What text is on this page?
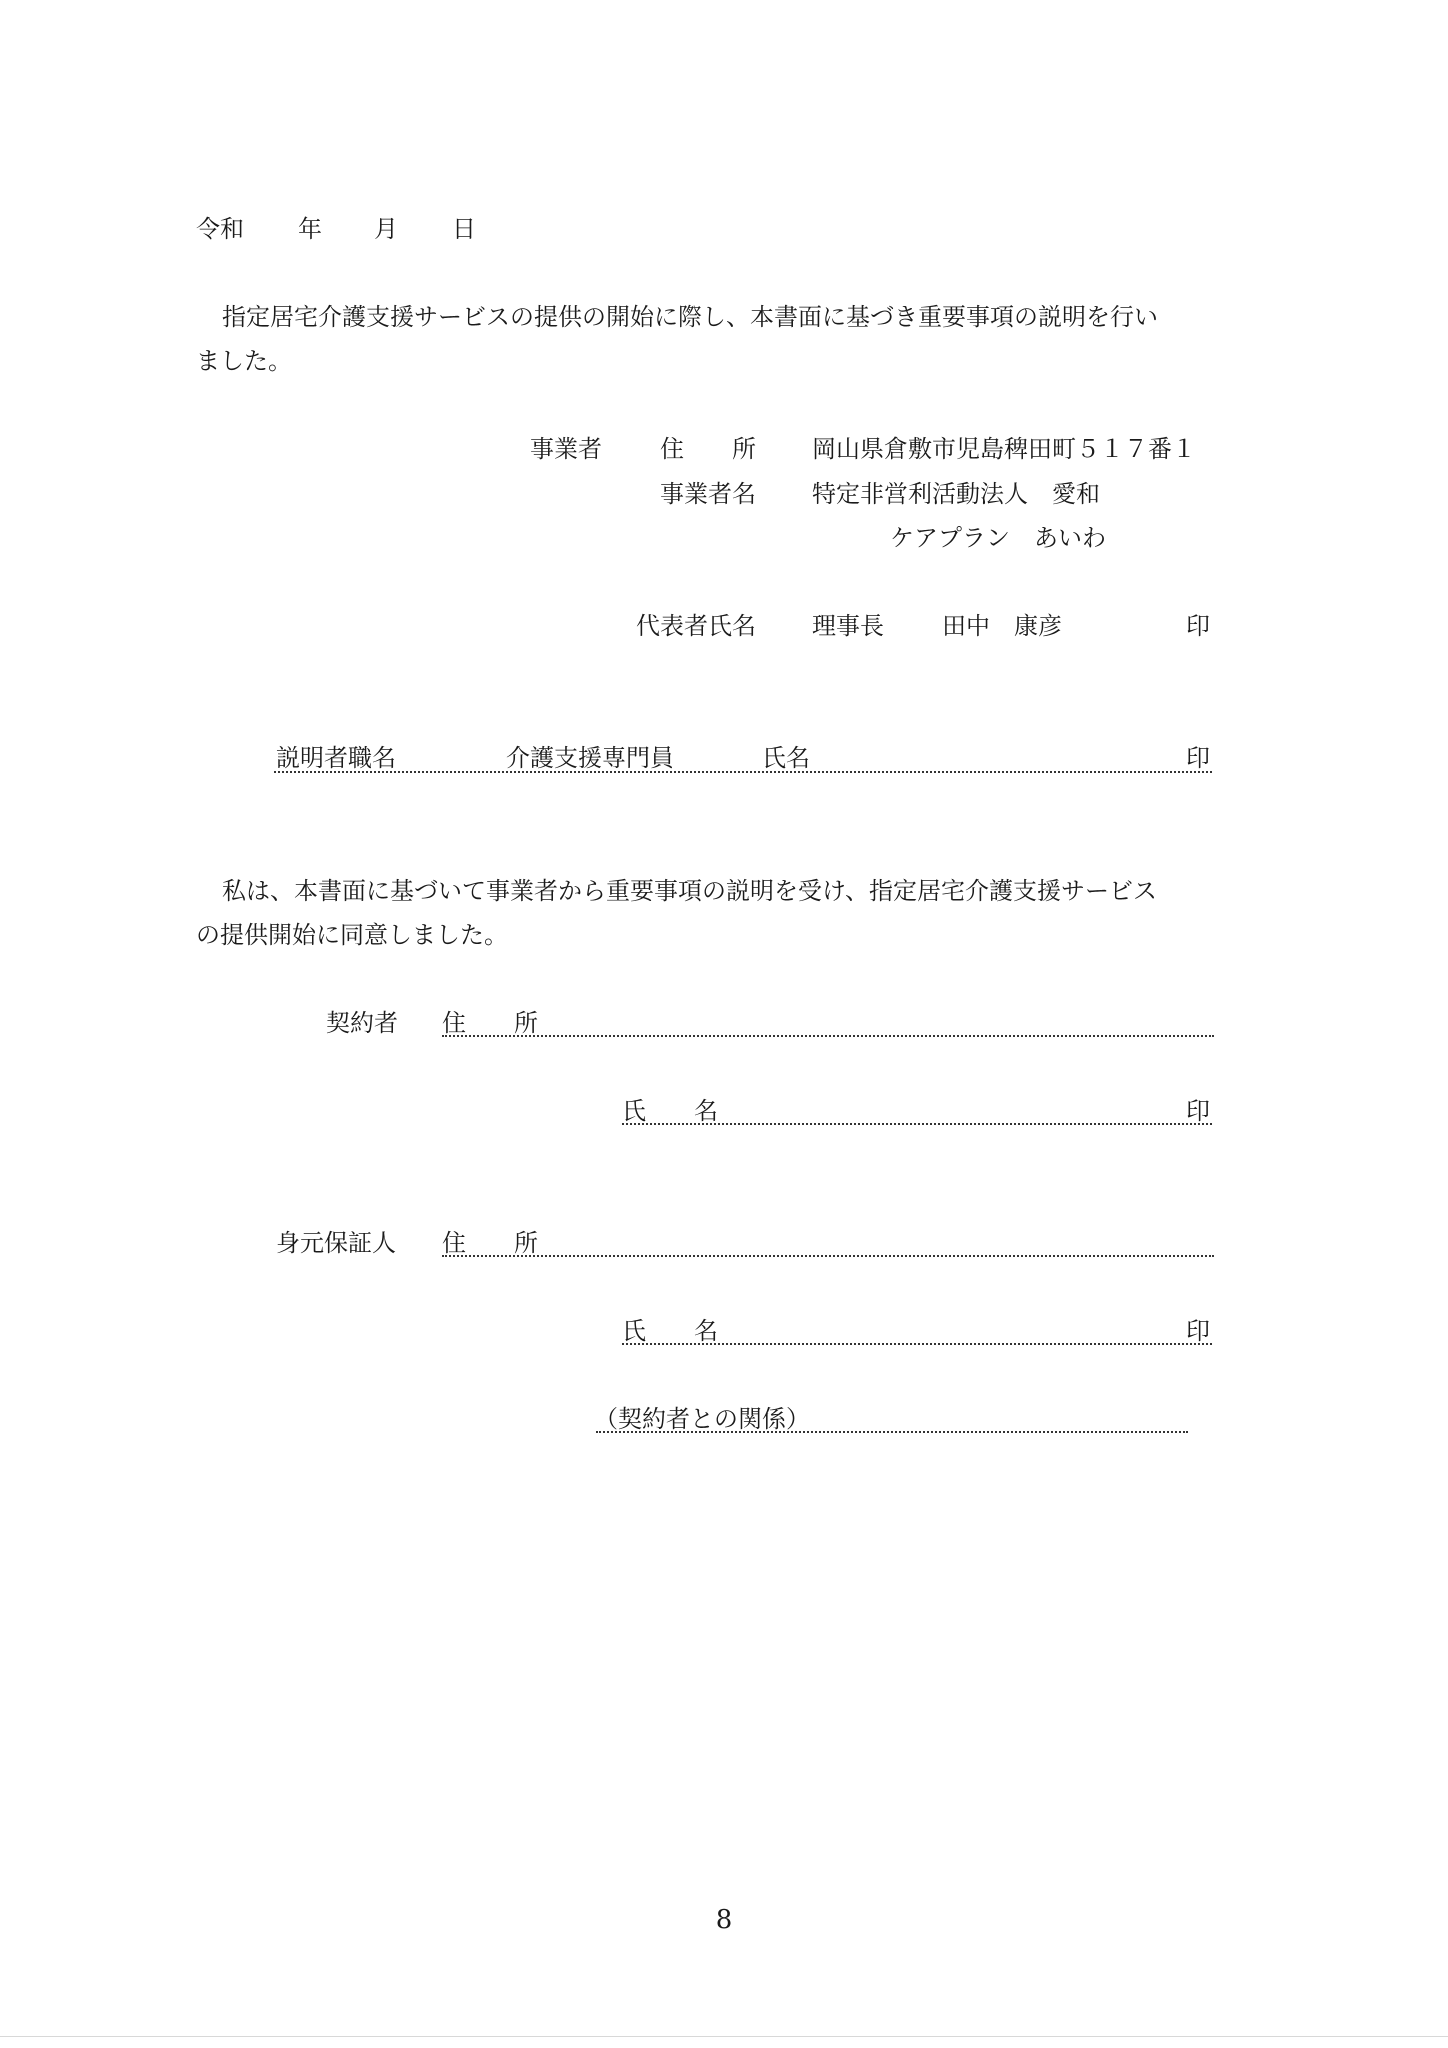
令和 年 月 日
指定居宅介護支援サービスの提供の開始に際し、本書面に基づき重要事項の説明を行い
ました。
事業者 住　　所 岡山県倉敷市児島稗田町５１７番１
事業者名 特定非営利活動法人　愛和
ケアプラン　あいわ
代表者氏名 理事長 田中　康彦	印
説明者職名	介護支援専門員	氏名	印
私は、本書面に基づいて事業者から重要事項の説明を受け、指定居宅介護支援サービス
の提供開始に同意しました。
契約者 住　　所
氏　　名	印
身元保証人 住　　所
氏　　名	印
（契約者との関係）
8
